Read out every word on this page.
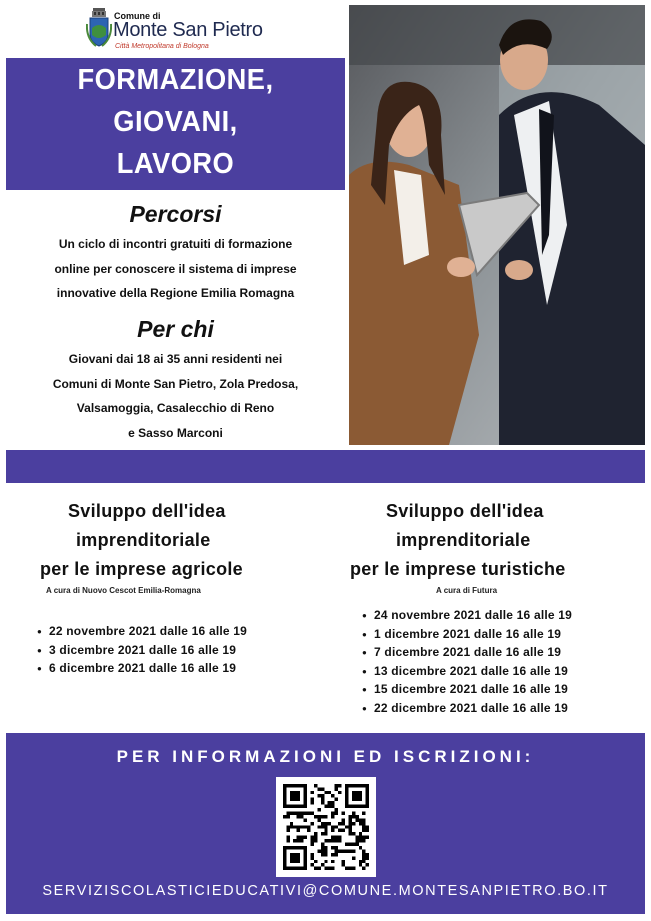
Comune di
Monte San Pietro
Città Metropolitana di Bologna
FORMAZIONE,
GIOVANI,
LAVORO
Percorsi
Un ciclo di incontri gratuiti di formazione
online per conoscere il sistema di imprese
innovative della Regione Emilia Romagna
Per chi
Giovani dai 18 ai 35 anni residenti nei
Comuni di Monte San Pietro, Zola Predosa,
Valsamoggia, Casalecchio di Reno
e Sasso Marconi
Sviluppo dell'idea
imprenditoriale
per le imprese agricole
A cura di Nuovo Cescot Emilia-Romagna
● 22 novembre 2021 dalle 16 alle 19
● 3 dicembre 2021 dalle 16 alle 19
● 6 dicembre 2021 dalle 16 alle 19
Sviluppo dell'idea
imprenditoriale
per le imprese turistiche
A cura di Futura
● 24 novembre 2021 dalle 16 alle 19
● 1 dicembre 2021 dalle 16 alle 19
● 7 dicembre 2021 dalle 16 alle 19
● 13 dicembre 2021 dalle 16 alle 19
● 15 dicembre 2021 dalle 16 alle 19
● 22 dicembre 2021 dalle 16 alle 19
PER INFORMAZIONI ED ISCRIZIONI:
SERVIZISCOLASTICIEDUCATIVI@COMUNE.MONTESANPIETRO.BO.IT
